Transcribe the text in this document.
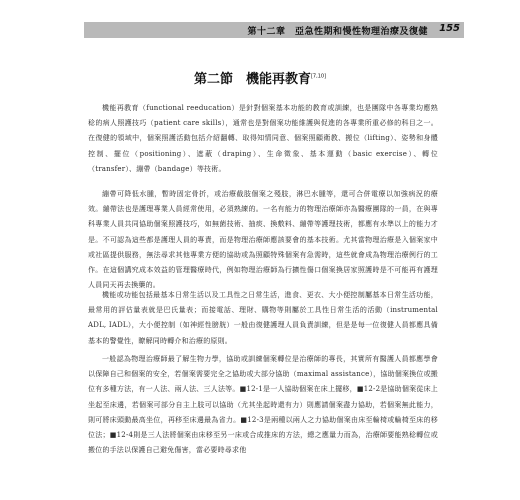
第十二章　亞急性期和慢性物理治療及復健 155
第二節　機能再教育[7,10]

機能再教育（functional reeducation）是針對個案基本功能的教育或訓練，也是團隊中各專業均應熟稔的病人照護技巧（patient care skills），通常也是對個案功能維護與促進的各專業所重必修的科目之一。在復健的領域中，個案照護活動包括介紹翻轉、取得知情同意、個案照顧衛教、搬位（lifting）、姿勢和身體控制、擺位（positioning）、遮蔽（draping）、生命徵象、基本運動（basic exercise）、轉位（transfer）、繃帶（bandage）等技術。

繃帶可降低水腫，暫時固定骨折，或治療截肢個案之殘肢，淋巴水腫等，還可合併電療以加強病況的療效。繃帶法也是護理專業人員經常使用，必須熟練的。一名有能力的物理治療師亦為醫療團隊的一員，在與專科專業人員共同協助個案照護技巧，如無菌技術、抽痰、換敷料、繃帶等護理技術，都應有水準以上的能力才是。不可認為這些都是護理人員的專責，而是物理治療師應該要會的基本技術。尤其當物理治療是入個案家中或社區提供服務，無法尋求其他專業方便的協助或為照顧特殊個案有急需時，這些就會成為物理治療例行的工作。在這個講究成本效益的管理醫療時代，例如物理治療師為行擴性傷口個案換居家照護時是不可能再有護理人員同天再去換藥的。

機能或功能包括最基本日常生活以及工具性之日常生活，進食、更衣、大小便控制屬基本日常生活功能，最常用的評估量表就是巴氏量表；而接電話、理財、購物等則屬於工具性日常生活的活動（instrumental ADL, IADL），大小便控制（如神經性膀胱）一般由復健護理人員負責訓練，但是是每一位復健人員都應具備基本的警覺性，瞭解同時轉介和治療的原則。

一般認為物理治療師最了解生物力學，協助或訓練個案轉位是治療師的專長，其實所有醫護人員都應學會以保障自己和個案的安全，若個案需要完全之協助或大部分協助（maximal assistance），協助個案換位或搬位有多種方法，有一人法、兩人法、三人法等。■12-1是一人協助個案在床上擺移，■12-2是協助個案從床上坐起至床邊，若個案可部分自主上肢可以協助（尤其坐起時還有力）則應請個案盡力協助，若個案無此能力，則可將床頭動最高坐位，再移至床邊最為省力。■12-3是兩種以兩人之力協助個案由床至輪椅或輪椅至床的移位法；■12-4則是三人法將個案由床移至另一床或合成推床的方法，總之應量力而為，治療師要能熟稔轉位或搬位的手法以保護自己避免傷害，當必要時尋求他
